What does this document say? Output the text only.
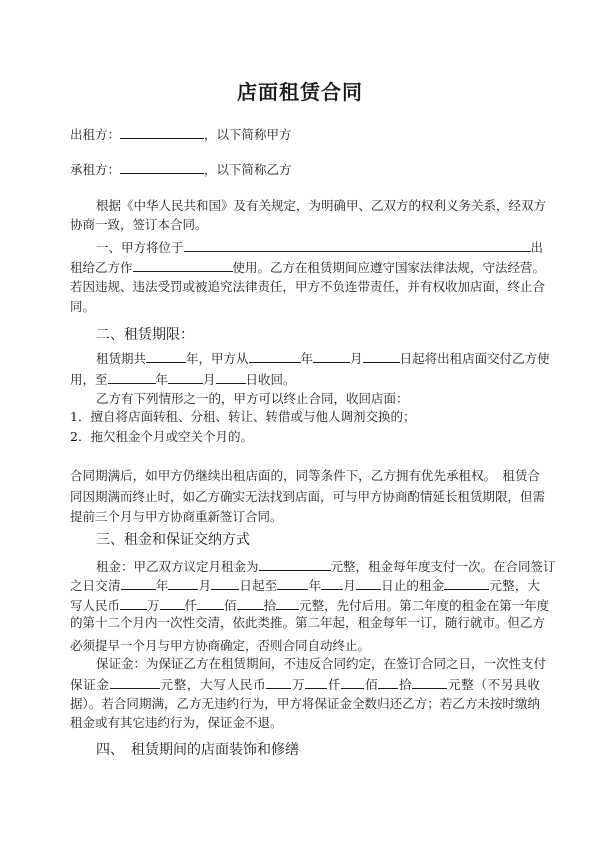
店面租赁合同
出租方：	，以下简称甲方
承租方：	，以下简称乙方
根据《中华人民共和国》及有关规定，为明确甲、乙双方的权利义务关系，经双方
协商一致，签订本合同。
一、甲方将位于	出
租给乙方作	使用。乙方在租赁期间应遵守国家法律法规，守法经营。
若因违规、违法受罚或被追究法律责任，甲方不负连带责任，并有权收加店面，终止合
同。
二、租赁期限：
租赁期共	年，甲方从	年	月	日起将出租店面交付乙方使
用，至	年	月 日收回。
乙方有下列情形之一的，甲方可以终止合同，收回店面：
1．擅自将店面转租、分租、转让、转借或与他人调剂交换的；
2．拖欠租金个月或空关个月的。
合同期满后，如甲方仍继续出租店面的，同等条件下，乙方拥有优先承租权。　租赁合
同因期满而终止时，如乙方确实无法找到店面，可与甲方协商酌情延长租赁期限，但需
提前三个月与甲方协商重新签订合同。
三、租金和保证交纳方式
租金：甲乙双方议定月租金为	元整，租金每年度支付一次。在合同签订
之日交清	年 月 日起至 年 月 日止的租金	元整，大
写人民币 万 仟 佰 拾 元整，先付后用。第二年度的租金在第一年度
的第十二个月内一次性交清，依此类推。第二年起，租金每年一订，随行就市。但乙方
必须提早一个月与甲方协商确定，否则合同自动终止。
保证金：为保证乙方在租赁期间，不违反合同约定，在签订合同之日，一次性支付
保证金	元整，大写人民币 万 仟 佰 拾	元整（不另具收
据）。若合同期满，乙方无违约行为，甲方将保证金全数归还乙方；若乙方未按时缴纳
租金或有其它违约行为，保证金不退。
四、　租赁期间的店面装饰和修缮
